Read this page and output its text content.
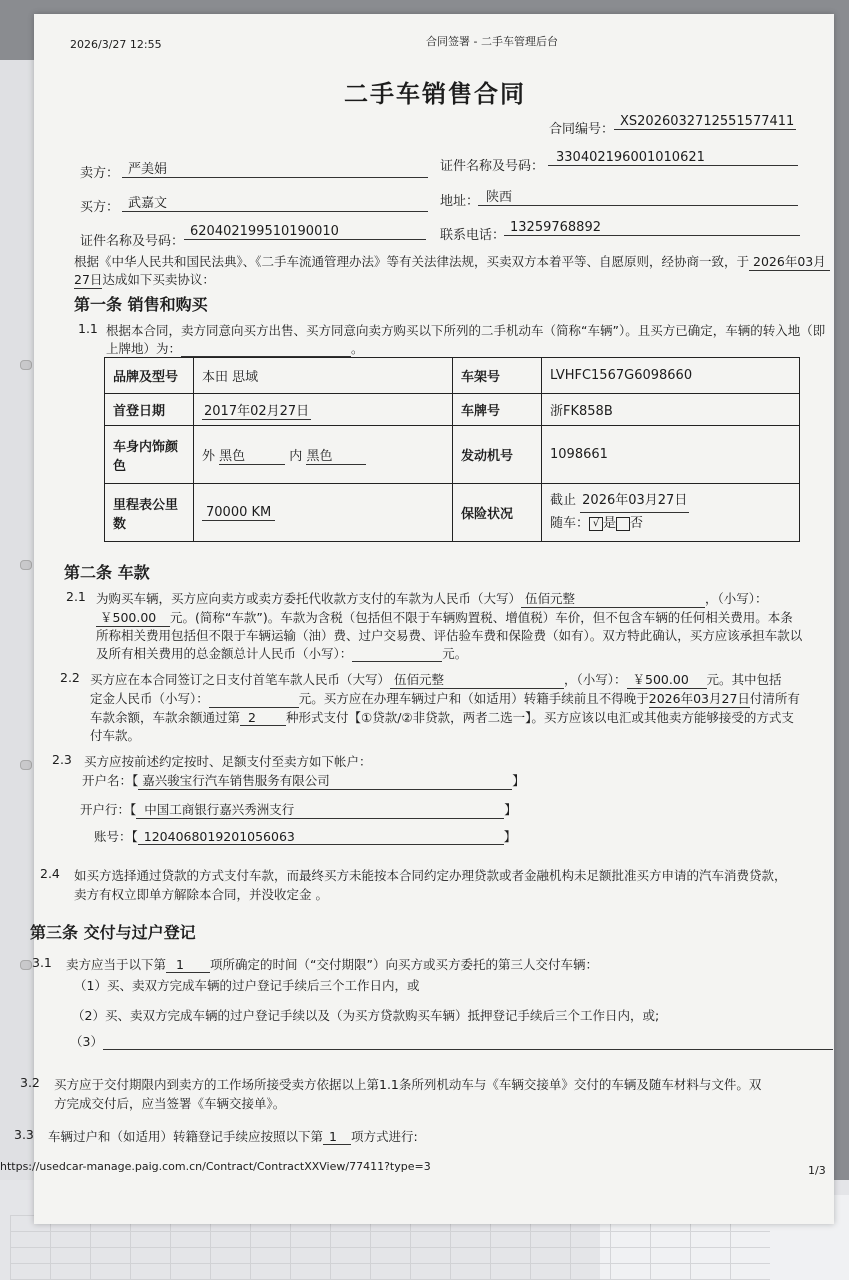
2026/3/27 12:55	合同签署 - 二手车管理后台
二手车销售合同
合同编号：
XS20260327125515774​11
卖方： 严美娟	证件名称及号码：
330402196001010621
买方： 武嘉文	地址： 陕西
证件名称及号码：
620402199510190010	联系电话：
13259768892
根据《中华人民共和国民法典》、《二手车流通管理办法》等有关法律法规，买卖双方本着平等、自愿原则，经协商一致，于 2026年03月
27日达成如下买卖协议：
第一条 销售和购买
1.1 根据本合同，卖方同意向买方出售、买方同意向卖方购买以下所列的二手机动车（简称“车辆”）。且买方已确定，车辆的转入地（即
上牌地）为：	。
品牌及型号	本田 思域	车架号	LVHFC1567G6098660
首登日期	2017年02月27日	车牌号	浙FK858B
车身内饰颜
色	外 黑色 内 黑色	发动机号	1098661
里程表公里
数	70000 KM	保险状况	截止 2026年03月27日
随车： √ 是 否
第二条 车款
2.1 为购买车辆，买方应向卖方或卖方委托代收款方支付的车款为人民币（大写） 伍佰元整	，（小写）：
￥500.00 元。(简称“车款”)。车款为含税（包括但不限于车辆购置税、增值税）车价，但不包含车辆的任何相关费用。本条
所称相关费用包括但不限于车辆运输（油）费、过户交易费、评估验车费和保险费（如有）。双方特此确认，买方应该承担车款以
及所有相关费用的总金额总计人民币（小写）：	元。
2.2 买方应在本合同签订之日支付首笔车款人民币（大写） 伍佰元整	，（小写）： ￥500.00 元。其中包括
定金人民币（小写）：	元。买方应在办理车辆过户和（如适用）转籍手续前且不得晚于2026年03月27日付清所有
车款余额，车款余额通过第 2 种形式支付【①贷款/②非贷款，两者二选一】。买方应该以电汇或其他卖方能够接受的方式支
付车款。
2.3 买方应按前述约定按时、足额支付至卖方如下帐户：
开户名：【 嘉兴骏宝行汽车销售服务有限公司	】
开户行：【 中国工商银行嘉兴秀洲支行	】
账号：【 1204068019201056063	】
2.4 如买方选择通过贷款的方式支付车款，而最终买方未能按本合同约定办理贷款或者金融机构未足额批准买方申请的汽车消费贷款，
卖方有权立即单方解除本合同，并没收定金 。
第三条 交付与过户登记
3.1 卖方应当于以下第 1 项所确定的时间（“交付期限”）向买方或买方委托的第三人交付车辆：
（1）买、卖双方完成车辆的过户登记手续后三个工作日内，或
（2）买、卖双方完成车辆的过户登记手续以及（为买方贷款购买车辆）抵押登记手续后三个工作日内，或;
（3）
3.2 买方应于交付期限内到卖方的工作场所接受卖方依据以上第1.1条所列机动车与《车辆交接单》交付的车辆及随车材料与文件。双
方完成交付后，应当签署《车辆交接单》。
3.3 车辆过户和（如适用）转籍登记手续应按照以下第 1 项方式进行:
https://usedcar-manage.paig.com.cn/Contract/ContractXXView/77411?type=3	1/3
